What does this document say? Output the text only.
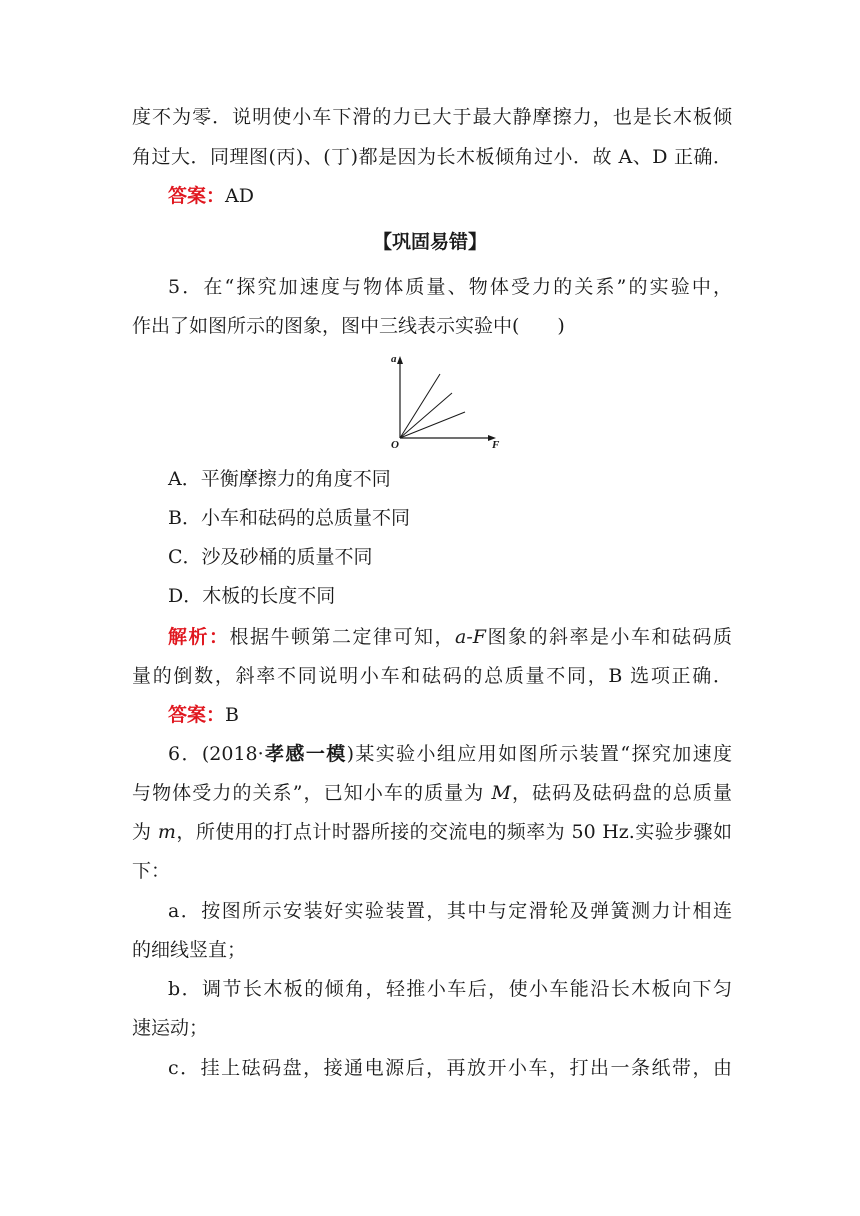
度不为零．说明使小车下滑的力已大于最大静摩擦力，也是长木板倾
角过大．同理图(丙)、(丁)都是因为长木板倾角过小．故 A、D 正确．
答案：AD
【巩固易错】
5．在“探究加速度与物体质量、物体受力的关系”的实验中，
作出了如图所示的图象，图中三线表示实验中(　　)
a
F
O
A．平衡摩擦力的角度不同
B．小车和砝码的总质量不同
C．沙及砂桶的质量不同
D．木板的长度不同
解析：根据牛顿第二定律可知，a-F图象的斜率是小车和砝码质
量的倒数，斜率不同说明小车和砝码的总质量不同，B 选项正确．
答案：B
6．(2018·孝感一模)某实验小组应用如图所示装置“探究加速度
与物体受力的关系”，已知小车的质量为 M，砝码及砝码盘的总质量
为 m，所使用的打点计时器所接的交流电的频率为 50 Hz.实验步骤如
下：
a．按图所示安装好实验装置，其中与定滑轮及弹簧测力计相连
的细线竖直；
b．调节长木板的倾角，轻推小车后，使小车能沿长木板向下匀
速运动；
c．挂上砝码盘，接通电源后，再放开小车，打出一条纸带，由
